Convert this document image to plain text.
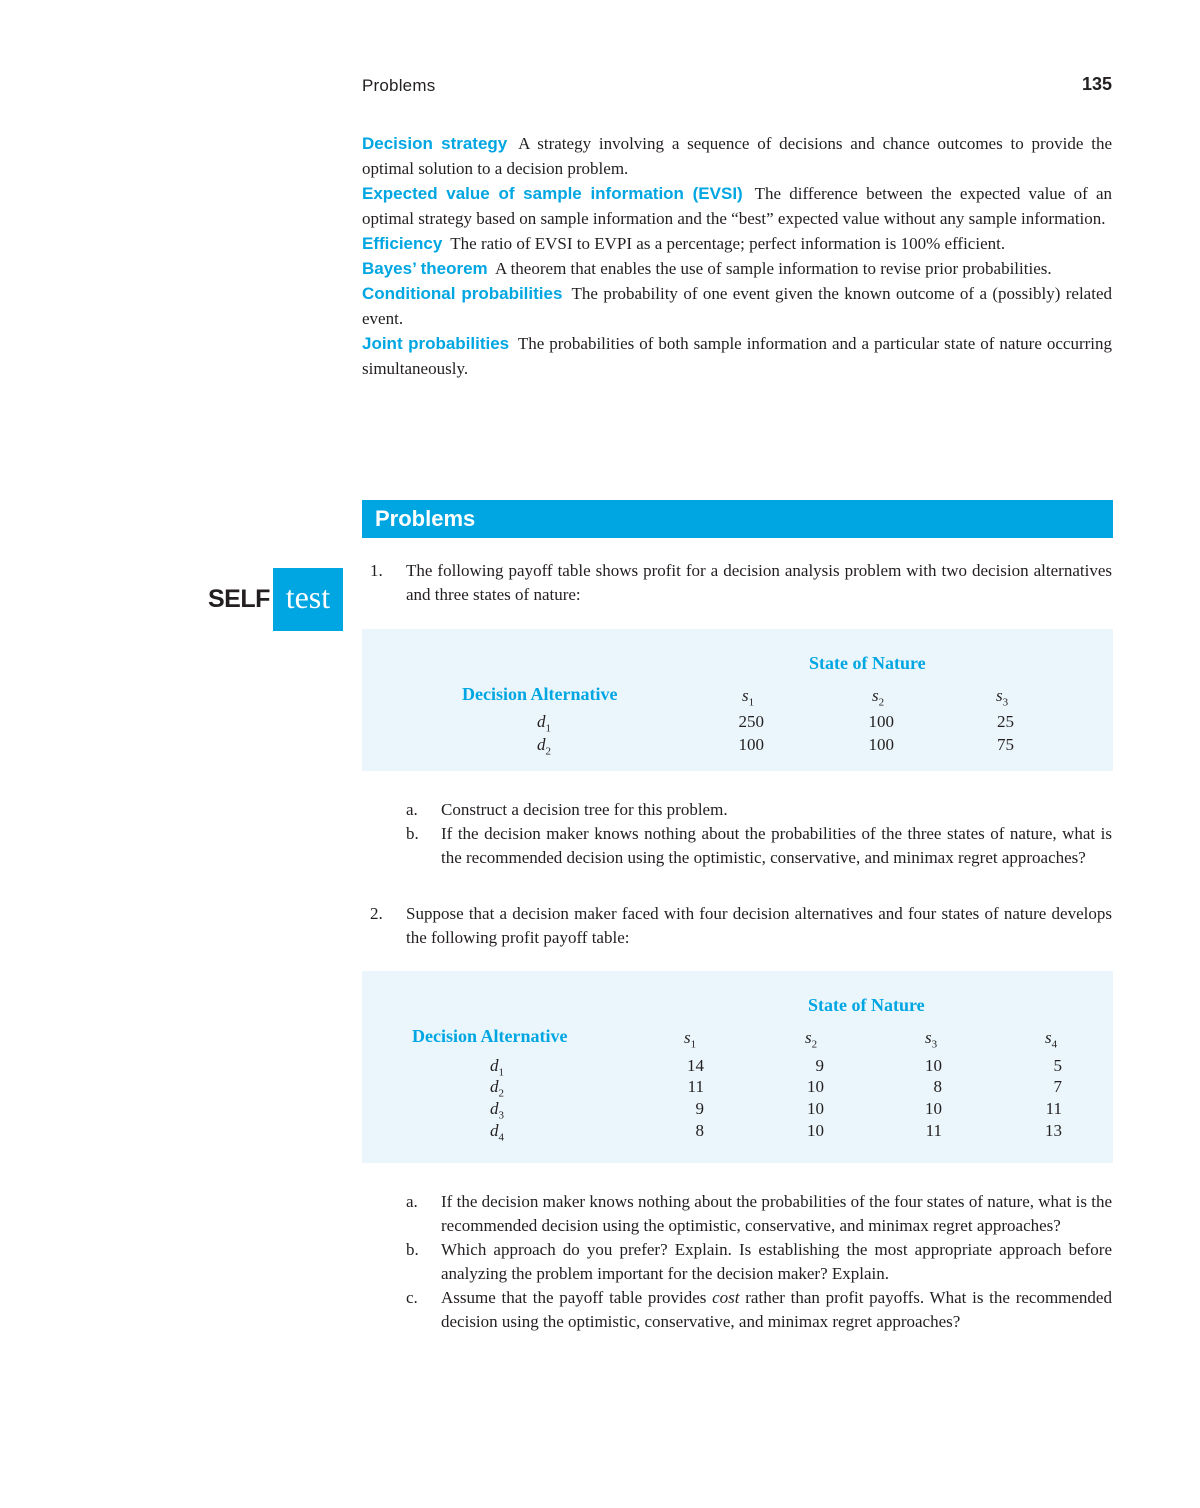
Problems	135

Decision strategy A strategy involving a sequence of decisions and chance outcomes to provide the optimal solution to a decision problem.

Expected value of sample information (EVSI) The difference between the expected value of an optimal strategy based on sample information and the “best” expected value without any sample information.

Efficiency The ratio of EVSI to EVPI as a percentage; perfect information is 100% efficient.

Bayes’ theorem A theorem that enables the use of sample information to revise prior probabilities.

Conditional probabilities The probability of one event given the known outcome of a (possibly) related event.

Joint probabilities The probabilities of both sample information and a particular state of nature occurring simultaneously.

Problems
SELF test
1. The following payoff table shows profit for a decision analysis problem with two decision alternatives and three states of nature:
State of Nature
Decision Alternative	$s_1$	$s_2$	$s_3$
$d_1$	250	100	25
$d_2$	100	100	75
a. Construct a decision tree for this problem.
b. If the decision maker knows nothing about the probabilities of the three states of nature, what is the recommended decision using the optimistic, conservative, and minimax regret approaches?
2. Suppose that a decision maker faced with four decision alternatives and four states of nature develops the following profit payoff table:
State of Nature
Decision Alternative	$s_1$	$s_2$	$s_3$	$s_4$
$d_1$	14	9	10	5
$d_2$	11	10	8	7
$d_3$	9	10	10	11
$d_4$	8	10	11	13
a. If the decision maker knows nothing about the probabilities of the four states of nature, what is the recommended decision using the optimistic, conservative, and minimax regret approaches?
b. Which approach do you prefer? Explain. Is establishing the most appropriate approach before analyzing the problem important for the decision maker? Explain.
c. Assume that the payoff table provides cost rather than profit payoffs. What is the recommended decision using the optimistic, conservative, and minimax regret approaches?
